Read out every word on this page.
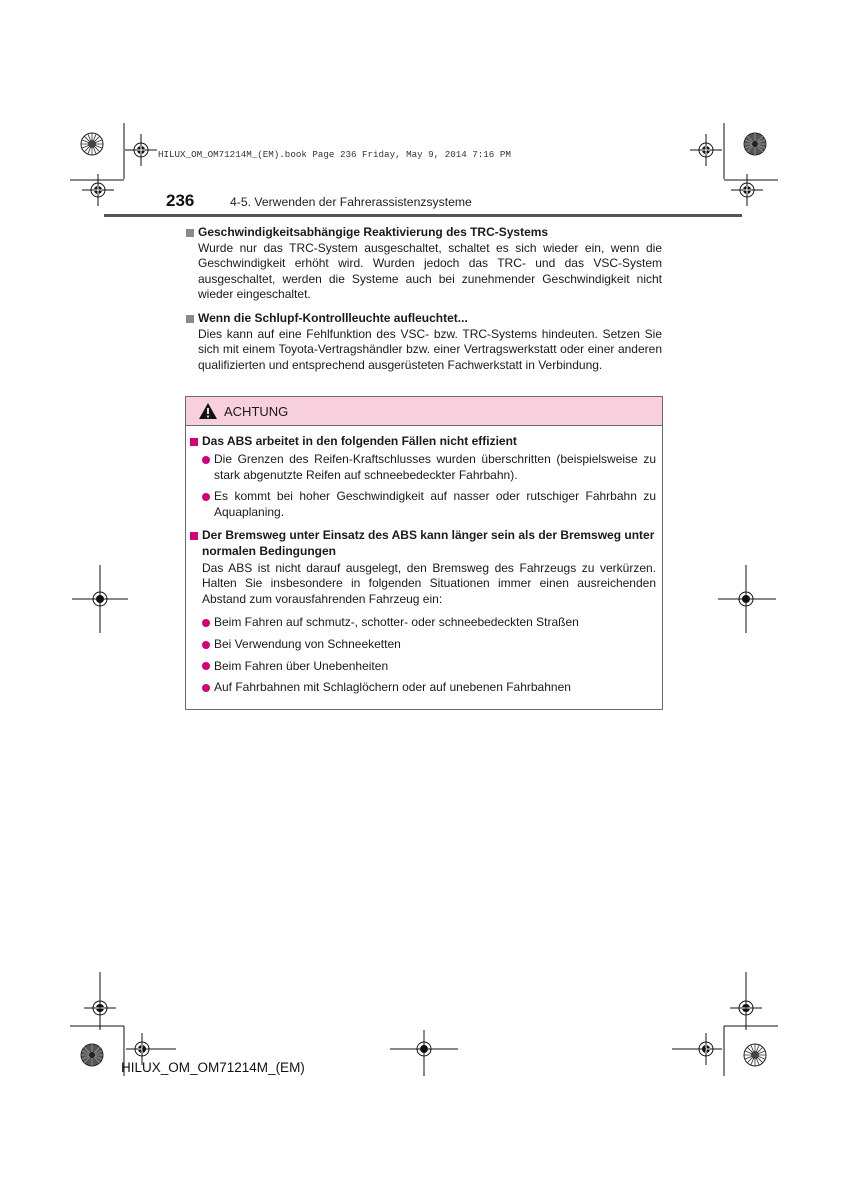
HILUX_OM_OM71214M_(EM).book Page 236 Friday, May 9, 2014 7:16 PM
236	4-5. Verwenden der Fahrerassistenzsysteme
Geschwindigkeitsabhängige Reaktivierung des TRC-Systems
Wurde nur das TRC-System ausgeschaltet, schaltet es sich wieder ein, wenn die Geschwindigkeit erhöht wird. Wurden jedoch das TRC- und das VSC-System ausgeschaltet, werden die Systeme auch bei zunehmender Geschwindigkeit nicht wieder eingeschaltet.
Wenn die Schlupf-Kontrollleuchte aufleuchtet...
Dies kann auf eine Fehlfunktion des VSC- bzw. TRC-Systems hindeuten. Setzen Sie sich mit einem Toyota-Vertragshändler bzw. einer Vertragswerkstatt oder einer anderen qualifizierten und entsprechend ausgerüsteten Fachwerkstatt in Verbindung.
ACHTUNG
Das ABS arbeitet in den folgenden Fällen nicht effizient
Die Grenzen des Reifen-Kraftschlusses wurden überschritten (beispielsweise zu stark abgenutzte Reifen auf schneebedeckter Fahrbahn).
Es kommt bei hoher Geschwindigkeit auf nasser oder rutschiger Fahrbahn zu Aquaplaning.
Der Bremsweg unter Einsatz des ABS kann länger sein als der Bremsweg unter normalen Bedingungen
Das ABS ist nicht darauf ausgelegt, den Bremsweg des Fahrzeugs zu verkürzen. Halten Sie insbesondere in folgenden Situationen immer einen ausreichenden Abstand zum vorausfahrenden Fahrzeug ein:
Beim Fahren auf schmutz-, schotter- oder schneebedeckten Straßen
Bei Verwendung von Schneeketten
Beim Fahren über Unebenheiten
Auf Fahrbahnen mit Schlaglöchern oder auf unebenen Fahrbahnen
HILUX_OM_OM71214M_(EM)
